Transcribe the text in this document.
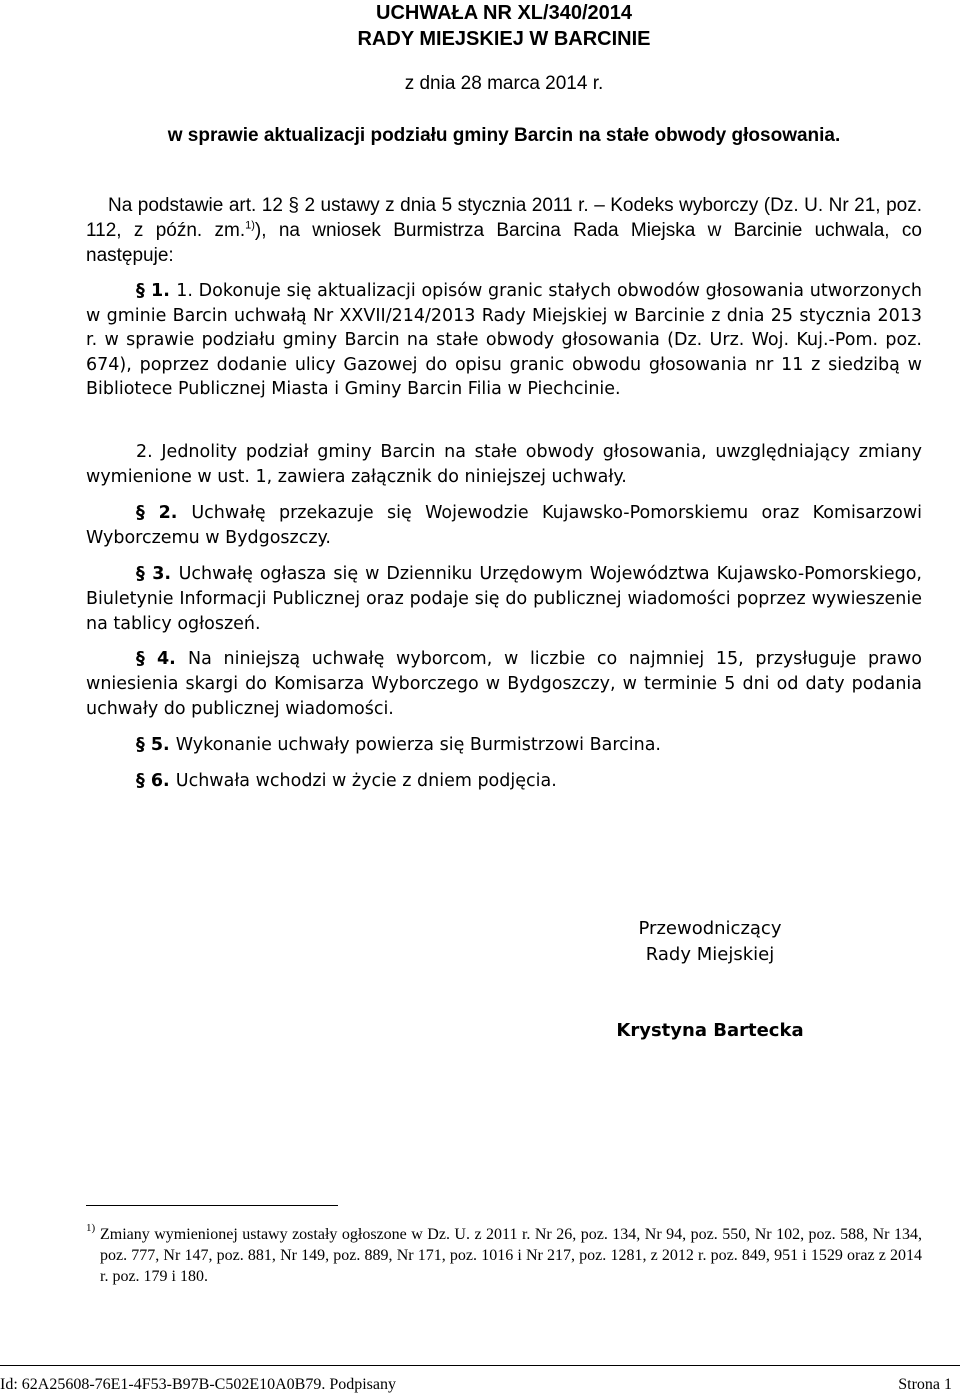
UCHWAŁA NR XL/340/2014
RADY MIEJSKIEJ W BARCINIE
z dnia 28 marca 2014 r.
w sprawie aktualizacji podziału gminy Barcin na stałe obwody głosowania.

Na podstawie art. 12 § 2 ustawy z dnia 5 stycznia 2011 r. – Kodeks wyborczy (Dz. U. Nr 21, poz. 112, z późn. zm.$^{1)}$), na wniosek Burmistrza Barcina Rada Miejska w Barcinie uchwala, co następuje:

§ 1. 1. Dokonuje się aktualizacji opisów granic stałych obwodów głosowania utworzonych w gminie Barcin uchwałą Nr XXVII/214/2013 Rady Miejskiej w Barcinie z dnia 25 stycznia 2013 r. w sprawie podziału gminy Barcin na stałe obwody głosowania (Dz. Urz. Woj. Kuj.-Pom. poz. 674), poprzez dodanie ulicy Gazowej do opisu granic obwodu głosowania nr 11 z siedzibą w Bibliotece Publicznej Miasta i Gminy Barcin Filia w Piechcinie.

2. Jednolity podział gminy Barcin na stałe obwody głosowania, uwzględniający zmiany wymienione w ust. 1, zawiera załącznik do niniejszej uchwały.

§ 2. Uchwałę przekazuje się Wojewodzie Kujawsko-Pomorskiemu oraz Komisarzowi Wyborczemu w Bydgoszczy.

§ 3. Uchwałę ogłasza się w Dzienniku Urzędowym Województwa Kujawsko-Pomorskiego, Biuletynie Informacji Publicznej oraz podaje się do publicznej wiadomości poprzez wywieszenie na tablicy ogłoszeń.

§ 4. Na niniejszą uchwałę wyborcom, w liczbie co najmniej 15, przysługuje prawo wniesienia skargi do Komisarza Wyborczego w Bydgoszczy, w terminie 5 dni od daty podania uchwały do publicznej wiadomości.

§ 5. Wykonanie uchwały powierza się Burmistrzowi Barcina.

§ 6. Uchwała wchodzi w życie z dniem podjęcia.

Przewodniczący
Rady Miejskiej
Krystyna Bartecka
1) Zmiany wymienionej ustawy zostały ogłoszone w Dz. U. z 2011 r. Nr 26, poz. 134, Nr 94, poz. 550, Nr 102, poz. 588, Nr 134, poz. 777, Nr 147, poz. 881, Nr 149, poz. 889, Nr 171, poz. 1016 i Nr 217, poz. 1281, z 2012 r. poz. 849, 951 i 1529 oraz z 2014 r. poz. 179 i 180.
Id: 62A25608-76E1-4F53-B97B-C502E10A0B79. Podpisany	Strona 1
